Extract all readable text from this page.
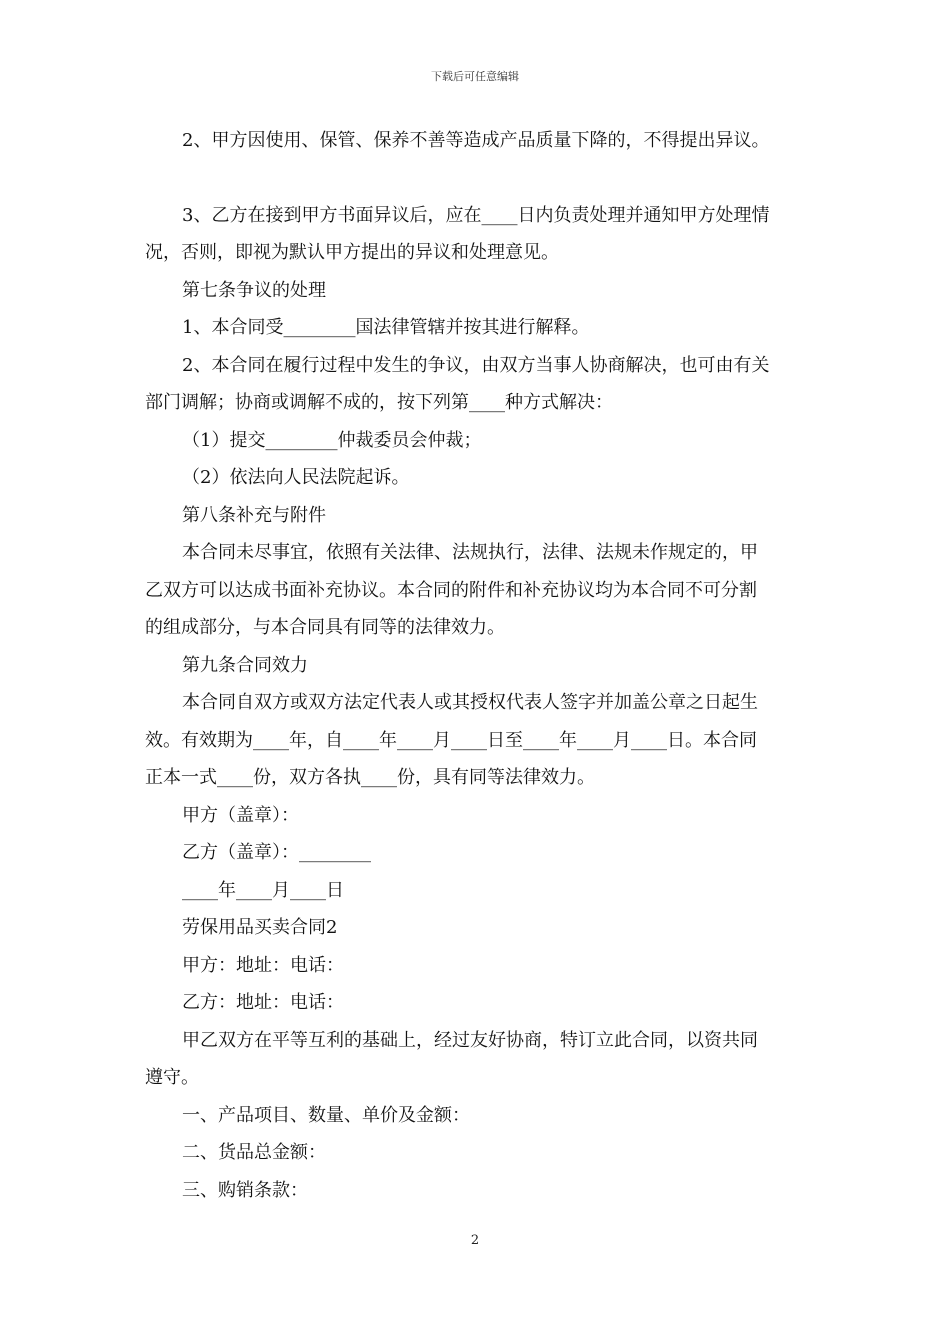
下载后可任意编辑
2、甲方因使用、保管、保养不善等造成产品质量下降的，不得提出异议。
3、乙方在接到甲方书面异议后，应在____日内负责处理并通知甲方处理情
况，否则，即视为默认甲方提出的异议和处理意见。
第七条争议的处理
1、本合同受________国法律管辖并按其进行解释。
2、本合同在履行过程中发生的争议，由双方当事人协商解决，也可由有关
部门调解；协商或调解不成的，按下列第____种方式解决：
（1）提交________仲裁委员会仲裁；
（2）依法向人民法院起诉。
第八条补充与附件
本合同未尽事宜，依照有关法律、法规执行，法律、法规未作规定的，甲
乙双方可以达成书面补充协议。本合同的附件和补充协议均为本合同不可分割
的组成部分，与本合同具有同等的法律效力。
第九条合同效力
本合同自双方或双方法定代表人或其授权代表人签字并加盖公章之日起生
效。有效期为____年，自____年____月____日至____年____月____日。本合同
正本一式____份，双方各执____份，具有同等法律效力。
甲方（盖章）：
乙方（盖章）：________
____年____月____日
劳保用品买卖合同2
甲方：地址：电话：
乙方：地址：电话：
甲乙双方在平等互利的基础上，经过友好协商，特订立此合同，以资共同
遵守。
一、产品项目、数量、单价及金额：
二、货品总金额：
三、购销条款：
2
